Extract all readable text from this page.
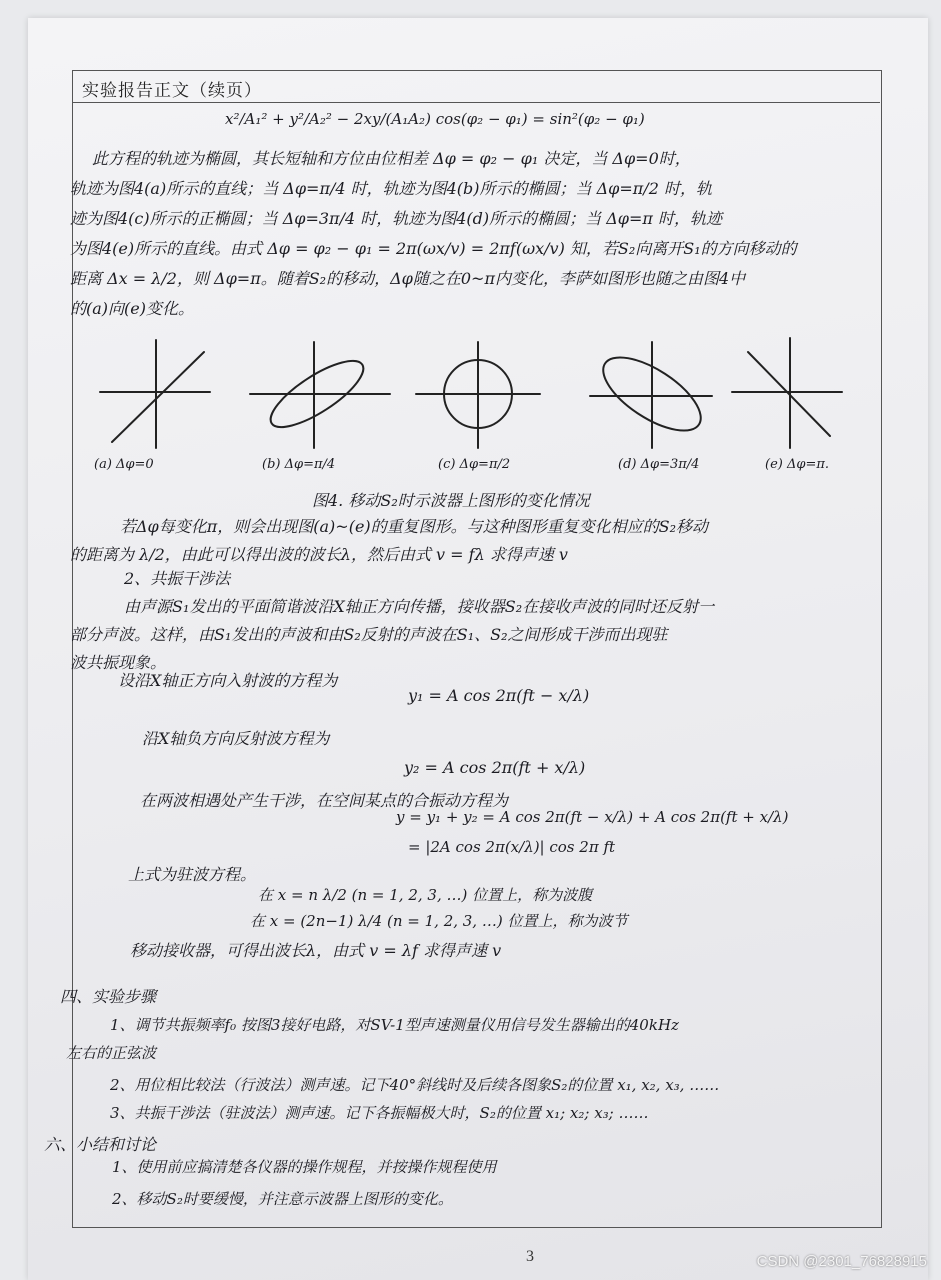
实验报告正文（续页）
x²/A₁² + y²/A₂² − 2xy/(A₁A₂) cos(φ₂ − φ₁) = sin²(φ₂ − φ₁)
此方程的轨迹为椭圆，其长短轴和方位由位相差 Δφ = φ₂ − φ₁ 决定，当 Δφ=0时，
轨迹为图4(a)所示的直线；当 Δφ=π/4 时，轨迹为图4(b)所示的椭圆；当 Δφ=π/2 时，轨
迹为图4(c)所示的正椭圆；当 Δφ=3π/4 时，轨迹为图4(d)所示的椭圆；当 Δφ=π 时，轨迹
为图4(e)所示的直线。由式 Δφ = φ₂ − φ₁ = 2π(ωx/v) = 2πf(ωx/v) 知，若S₂向离开S₁的方向移动的
距离 Δx = λ/2，则 Δφ=π。随着S₂的移动，Δφ随之在0~π内变化，李萨如图形也随之由图4中
的(a)向(e)变化。
(a) Δφ=0	(b) Δφ=π/4	(c) Δφ=π/2	(d) Δφ=3π/4	(e) Δφ=π.
图4. 移动S₂时示波器上图形的变化情况
若Δφ每变化π，则会出现图(a)~(e)的重复图形。与这种图形重复变化相应的S₂移动
的距离为 λ/2，由此可以得出波的波长λ，然后由式 v = fλ 求得声速 v
2、共振干涉法
由声源S₁发出的平面简谐波沿X轴正方向传播，接收器S₂在接收声波的同时还反射一
部分声波。这样，由S₁发出的声波和由S₂反射的声波在S₁、S₂之间形成干涉而出现驻
波共振现象。
设沿X轴正方向入射波的方程为
y₁ = A cos 2π(ft − x/λ)
沿X轴负方向反射波方程为
y₂ = A cos 2π(ft + x/λ)
在两波相遇处产生干涉，在空间某点的合振动方程为
y = y₁ + y₂ = A cos 2π(ft − x/λ) + A cos 2π(ft + x/λ)
= |2A cos 2π(x/λ)| cos 2π ft
上式为驻波方程。
在 x = n λ/2 (n = 1, 2, 3, …) 位置上，称为波腹
在 x = (2n−1) λ/4 (n = 1, 2, 3, …) 位置上，称为波节
移动接收器，可得出波长λ，由式 v = λf 求得声速 v
四、实验步骤
1、调节共振频率f₀ 按图3接好电路，对SV-1型声速测量仪用信号发生器输出的40kHz
左右的正弦波
2、用位相比较法（行波法）测声速。记下40°斜线时及后续各图象S₂的位置 x₁, x₂, x₃, ……
3、共振干涉法（驻波法）测声速。记下各振幅极大时，S₂的位置 x₁; x₂; x₃; ……
六、小结和讨论
1、使用前应搞清楚各仪器的操作规程，并按操作规程使用
2、移动S₂时要缓慢，并注意示波器上图形的变化。
3	CSDN @2301_76828915
